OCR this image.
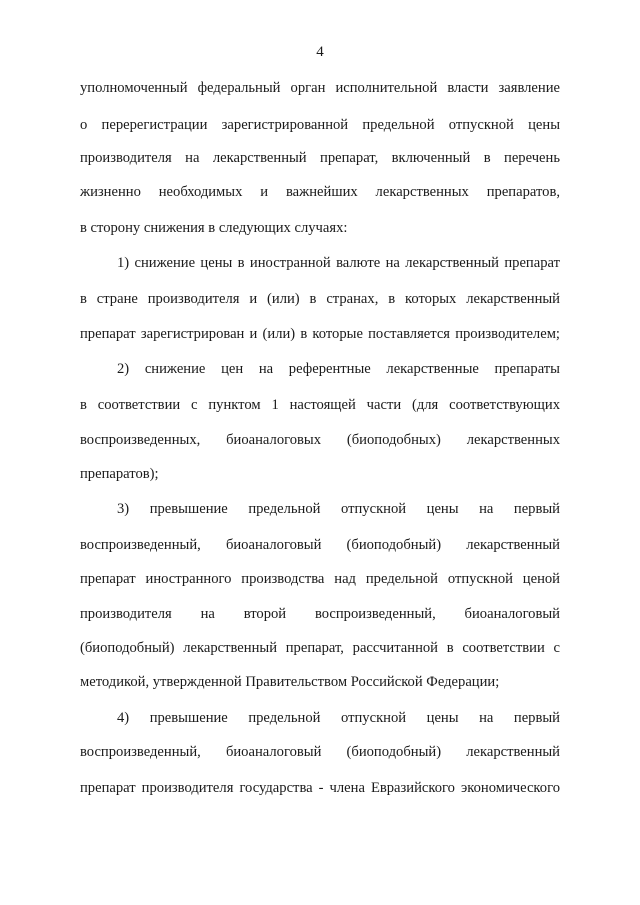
4
уполномоченный федеральный орган исполнительной власти заявление
о перерегистрации зарегистрированной предельной отпускной цены
производителя на лекарственный препарат, включенный в перечень
жизненно необходимых и важнейших лекарственных препаратов,
в сторону снижения в следующих случаях:
1) снижение цены в иностранной валюте на лекарственный препарат
в стране производителя и (или) в странах, в которых лекарственный
препарат зарегистрирован и (или) в которые поставляется производителем;
2) снижение цен на референтные лекарственные препараты
в соответствии с пунктом 1 настоящей части (для соответствующих
воспроизведенных, биоаналоговых (биоподобных) лекарственных
препаратов);
3) превышение предельной отпускной цены на первый
воспроизведенный, биоаналоговый (биоподобный) лекарственный
препарат иностранного производства над предельной отпускной ценой
производителя на второй воспроизведенный, биоаналоговый
(биоподобный) лекарственный препарат, рассчитанной в соответствии с
методикой, утвержденной Правительством Российской Федерации;
4) превышение предельной отпускной цены на первый
воспроизведенный, биоаналоговый (биоподобный) лекарственный
препарат производителя государства - члена Евразийского экономического
